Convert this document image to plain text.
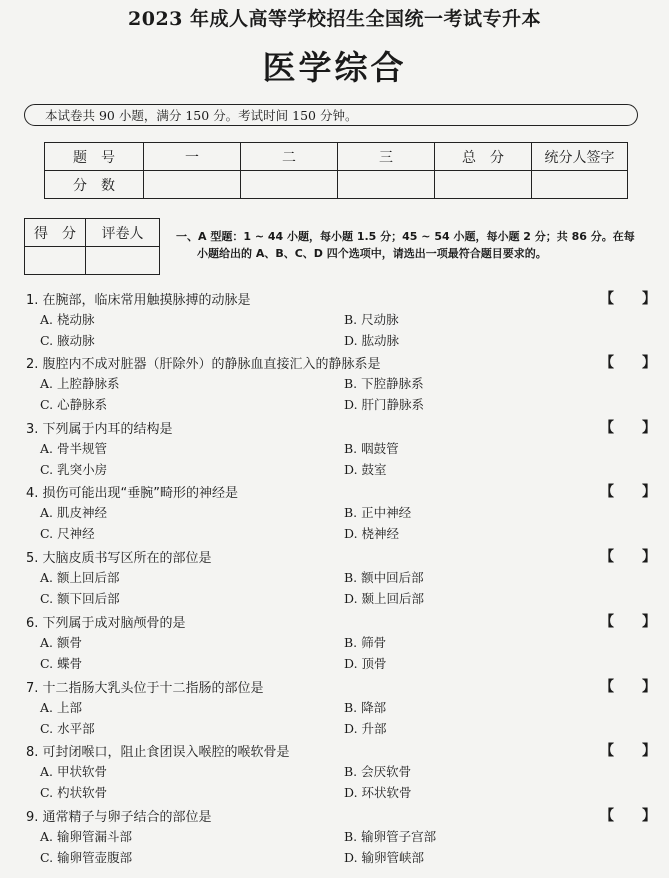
2023 年成人高等学校招生全国统一考试专升本
医学综合
本试卷共 90 小题，满分 150 分。考试时间 150 分钟。
题　号	一	二	三	总　分	统分人签字
分　数					
得　分	评卷人
		一、A 型题：1 ~ 44 小题，每小题 1.5 分；45 ~ 54 小题，每小题 2 分；共 86 分。在每
小题给出的 A、B、C、D 四个选项中，请选出一项最符合题目要求的。
1. 在腕部，临床常用触摸脉搏的动脉是	【　　】
A. 桡动脉	B. 尺动脉
C. 腋动脉	D. 肱动脉
2. 腹腔内不成对脏器（肝除外）的静脉血直接汇入的静脉系是	【　　】
A. 上腔静脉系	B. 下腔静脉系
C. 心静脉系	D. 肝门静脉系
3. 下列属于内耳的结构是	【　　】
A. 骨半规管	B. 咽鼓管
C. 乳突小房	D. 鼓室
4. 损伤可能出现“垂腕”畸形的神经是	【　　】
A. 肌皮神经	B. 正中神经
C. 尺神经	D. 桡神经
5. 大脑皮质书写区所在的部位是	【　　】
A. 额上回后部	B. 额中回后部
C. 额下回后部	D. 颞上回后部
6. 下列属于成对脑颅骨的是	【　　】
A. 额骨	B. 筛骨
C. 蝶骨	D. 顶骨
7. 十二指肠大乳头位于十二指肠的部位是	【　　】
A. 上部	B. 降部
C. 水平部	D. 升部
8. 可封闭喉口，阻止食团误入喉腔的喉软骨是	【　　】
A. 甲状软骨	B. 会厌软骨
C. 杓状软骨	D. 环状软骨
9. 通常精子与卵子结合的部位是	【　　】
A. 输卵管漏斗部	B. 输卵管子宫部
C. 输卵管壶腹部	D. 输卵管峡部
